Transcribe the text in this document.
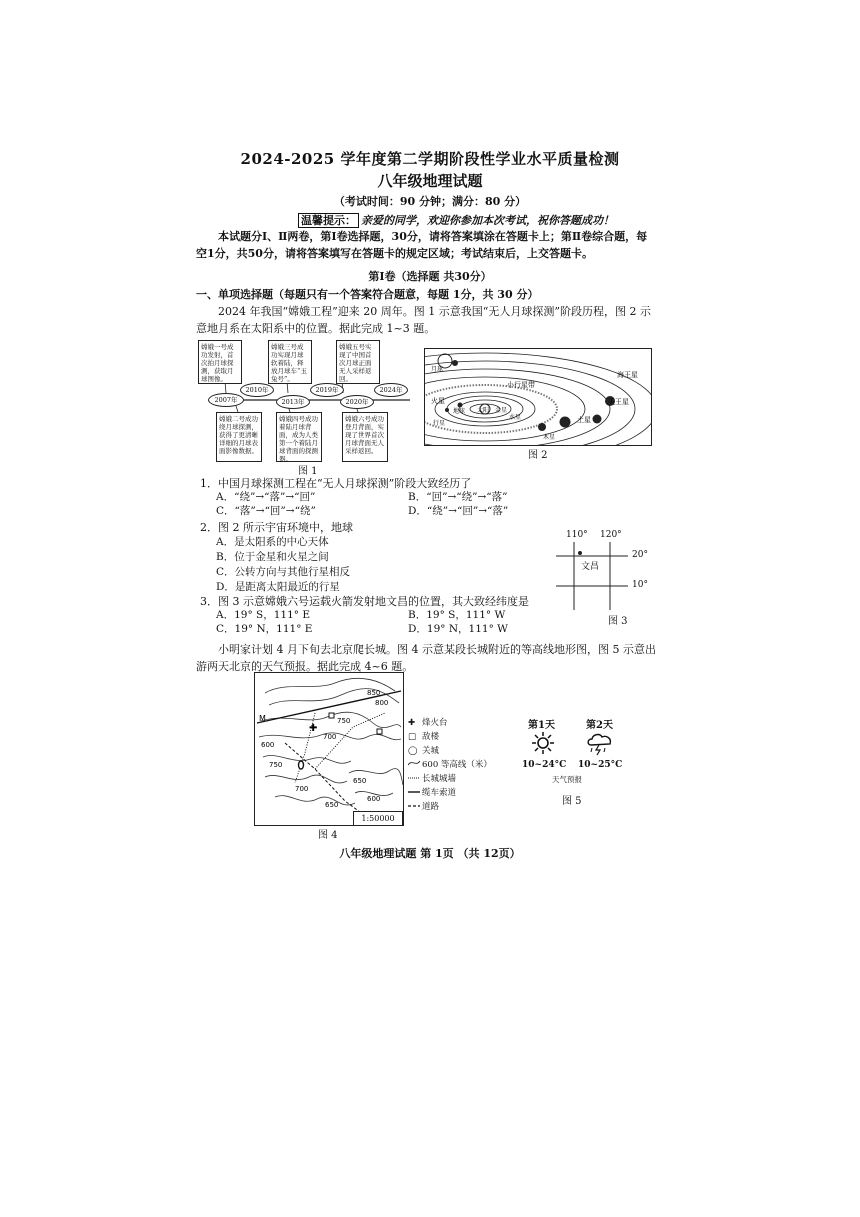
2024-2025 学年度第二学期阶段性学业水平质量检测
八年级地理试题
（考试时间：90 分钟；满分：80 分）
温馨提示： 亲爱的同学，欢迎你参加本次考试，祝你答题成功！
本试题分Ⅰ、Ⅱ两卷，第Ⅰ卷选择题，30分，请将答案填涂在答题卡上；第Ⅱ卷综合题，每空1分，共50分，请将答案填写在答题卡的规定区域；考试结束后，上交答题卡。
第Ⅰ卷（选择题 共30分）
一、单项选择题（每题只有一个答案符合题意，每题 1分，共 30 分）
2024 年我国“嫦娥工程”迎来 20 周年。图 1 示意我国“无人月球探测”阶段历程，图 2 示意地月系在太阳系中的位置。据此完成 1~3 题。
嫦娥一号成功发射，首次拍月球探测，获取月球图像。
嫦娥三号成功实现月球软着陆，释放月球车“玉兔号”。
嫦娥五号实现了中国首次月球正面无人采样返回。
2007年
2010年
2013年
2019年
2020年
2024年
嫦娥二号成功绕月球探测，获得了更清晰详细的月球表面影像数据。
嫦娥四号成功着陆月球背面，成为人类第一个着陆月球背面的探测器。
嫦娥六号成功登月背面，实现了世界首次月球背面无人采样返回。
图 1
月球
小行星带
海王星
天王星
土星
木星
火星
地球 太阳 金星
水星
行星
图 2
1．中国月球探测工程在“无人月球探测”阶段大致经历了
A．“绕”→“落”→“回”	B．“回”→“绕”→“落”
C．“落”→“回”→“绕”	D．“绕”→“回”→“落”
2．图 2 所示宇宙环境中，地球
A．是太阳系的中心天体
B．位于金星和火星之间
C．公转方向与其他行星相反
D．是距离太阳最近的行星
3．图 3 示意嫦娥六号运载火箭发射地文昌的位置，其大致经纬度是
A．19° S，111° E	B．19° S，111° W
C．19° N，111° E	D．19° N，111° W
110° 120°
20°
10°
文昌
图 3
小明家计划 4 月下旬去北京爬长城。图 4 示意某段长城附近的等高线地形图，图 5 示意出游两天北京的天气预报。据此完成 4~6 题。
✚
M
850
800
750
700
650
600
650
700
750
600
1:50000
图 4
✚ 烽火台
□ 敌楼
◯ 关城
600 等高线（米）
长城城墙
缆车索道
道路
第1天	第2天
10~24°C 10~25°C
天气预报
图 5
八年级地理试题 第 1页 （共 12页）
